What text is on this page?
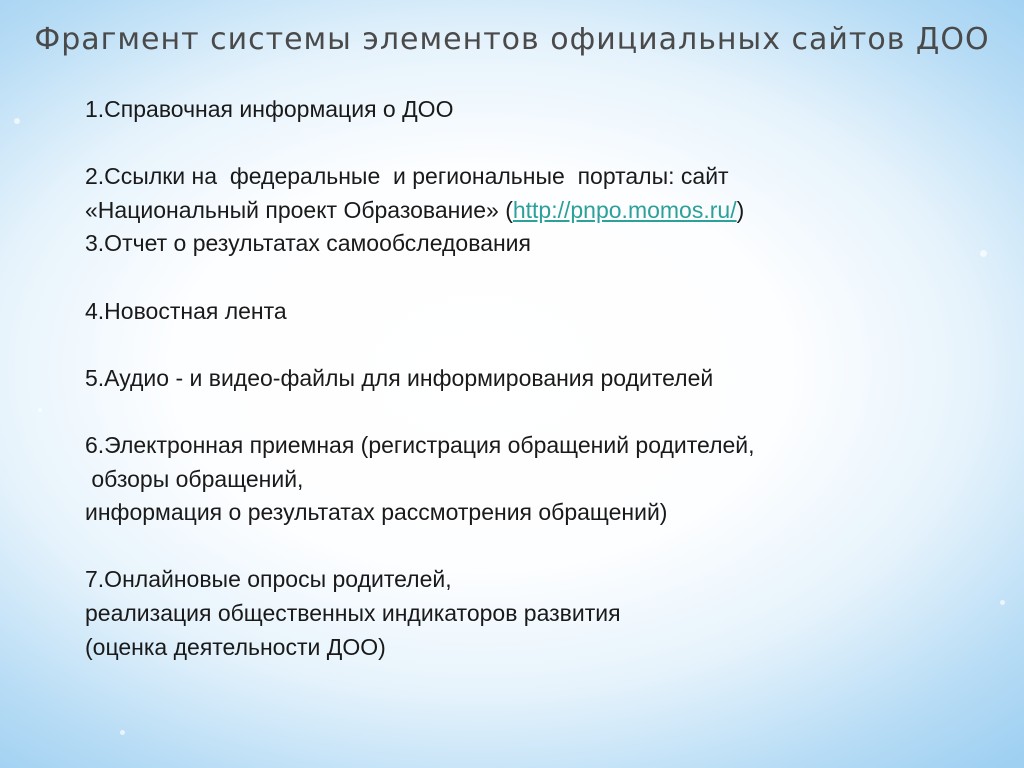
Фрагмент системы элементов официальных сайтов ДОО
1.Справочная информация о ДОО
2.Ссылки на  федеральные  и региональные  порталы: сайт
«Национальный проект Образование» (http://pnpo.momos.ru/)
3.Отчет о результатах самообследования
4.Новостная лента
5.Аудио - и видео-файлы для информирования родителей
6.Электронная приемная (регистрация обращений родителей,
обзоры обращений,
информация о результатах рассмотрения обращений)
7.Онлайновые опросы родителей,
реализация общественных индикаторов развития
(оценка деятельности ДОО)
